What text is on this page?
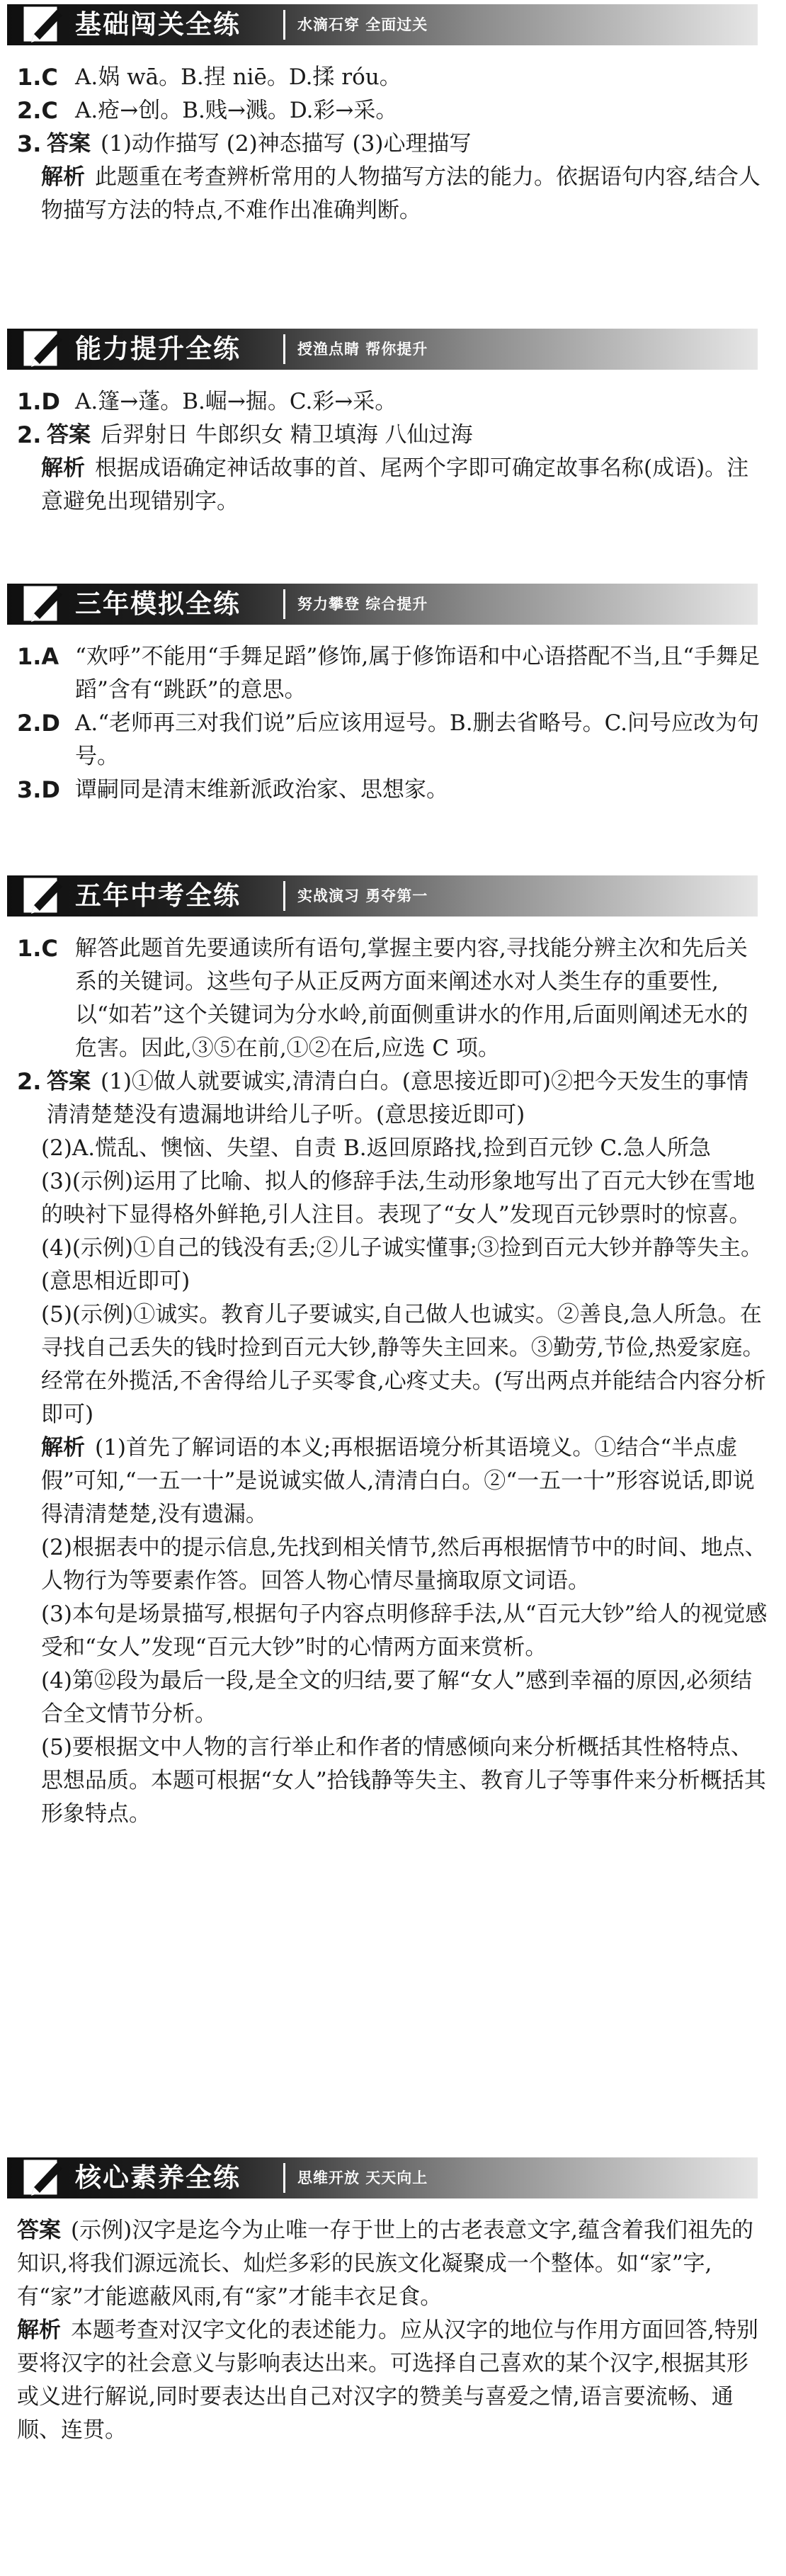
基础闯关全练	水滴石穿 全面过关
1.C A.娲 wā。B.捏 niē。D.揉 róu。
2.C A.疮→创。B.贱→溅。D.彩→采。
3. 答案 (1)动作描写 (2)神态描写 (3)心理描写

解析 此题重在考查辨析常用的人物描写方法的能力。依据语句内容,结合人物描写方法的特点,不难作出准确判断。

能力提升全练	授渔点睛 帮你提升
1.D A.篷→蓬。B.崛→掘。C.彩→采。
2. 答案 后羿射日 牛郎织女 精卫填海 八仙过海

解析 根据成语确定神话故事的首、尾两个字即可确定故事名称(成语)。注意避免出现错别字。

三年模拟全练	努力攀登 综合提升
1.A “欢呼”不能用“手舞足蹈”修饰,属于修饰语和中心语搭配不当,且“手舞足蹈”含有“跳跃”的意思。
2.D A.“老师再三对我们说”后应该用逗号。B.删去省略号。C.问号应改为句号。
3.D 谭嗣同是清末维新派政治家、思想家。
五年中考全练	实战演习 勇夺第一
1.C 解答此题首先要通读所有语句,掌握主要内容,寻找能分辨主次和先后关系的关键词。这些句子从正反两方面来阐述水对人类生存的重要性,以“如若”这个关键词为分水岭,前面侧重讲水的作用,后面则阐述无水的危害。因此,③⑤在前,①②在后,应选 C 项。
2. 答案 (1)①做人就要诚实,清清白白。(意思接近即可)②把今天发生的事情清清楚楚没有遗漏地讲给儿子听。(意思接近即可)

(2)A.慌乱、懊恼、失望、自责 B.返回原路找,捡到百元钞 C.急人所急

(3)(示例)运用了比喻、拟人的修辞手法,生动形象地写出了百元大钞在雪地的映衬下显得格外鲜艳,引人注目。表现了“女人”发现百元钞票时的惊喜。

(4)(示例)①自己的钱没有丢;②儿子诚实懂事;③捡到百元大钞并静等失主。(意思相近即可)

(5)(示例)①诚实。教育儿子要诚实,自己做人也诚实。②善良,急人所急。在寻找自己丢失的钱时捡到百元大钞,静等失主回来。③勤劳,节俭,热爱家庭。经常在外揽活,不舍得给儿子买零食,心疼丈夫。(写出两点并能结合内容分析即可)

解析 (1)首先了解词语的本义;再根据语境分析其语境义。①结合“半点虚假”可知,“一五一十”是说诚实做人,清清白白。②“一五一十”形容说话,即说得清清楚楚,没有遗漏。

(2)根据表中的提示信息,先找到相关情节,然后再根据情节中的时间、地点、人物行为等要素作答。回答人物心情尽量摘取原文词语。

(3)本句是场景描写,根据句子内容点明修辞手法,从“百元大钞”给人的视觉感受和“女人”发现“百元大钞”时的心情两方面来赏析。

(4)第⑫段为最后一段,是全文的归结,要了解“女人”感到幸福的原因,必须结合全文情节分析。

(5)要根据文中人物的言行举止和作者的情感倾向来分析概括其性格特点、思想品质。本题可根据“女人”拾钱静等失主、教育儿子等事件来分析概括其形象特点。

核心素养全练	思维开放 天天向上

答案 (示例)汉字是迄今为止唯一存于世上的古老表意文字,蕴含着我们祖先的知识,将我们源远流长、灿烂多彩的民族文化凝聚成一个整体。如“家”字,有“家”才能遮蔽风雨,有“家”才能丰衣足食。

解析 本题考查对汉字文化的表述能力。应从汉字的地位与作用方面回答,特别要将汉字的社会意义与影响表达出来。可选择自己喜欢的某个汉字,根据其形或义进行解说,同时要表达出自己对汉字的赞美与喜爱之情,语言要流畅、通顺、连贯。
